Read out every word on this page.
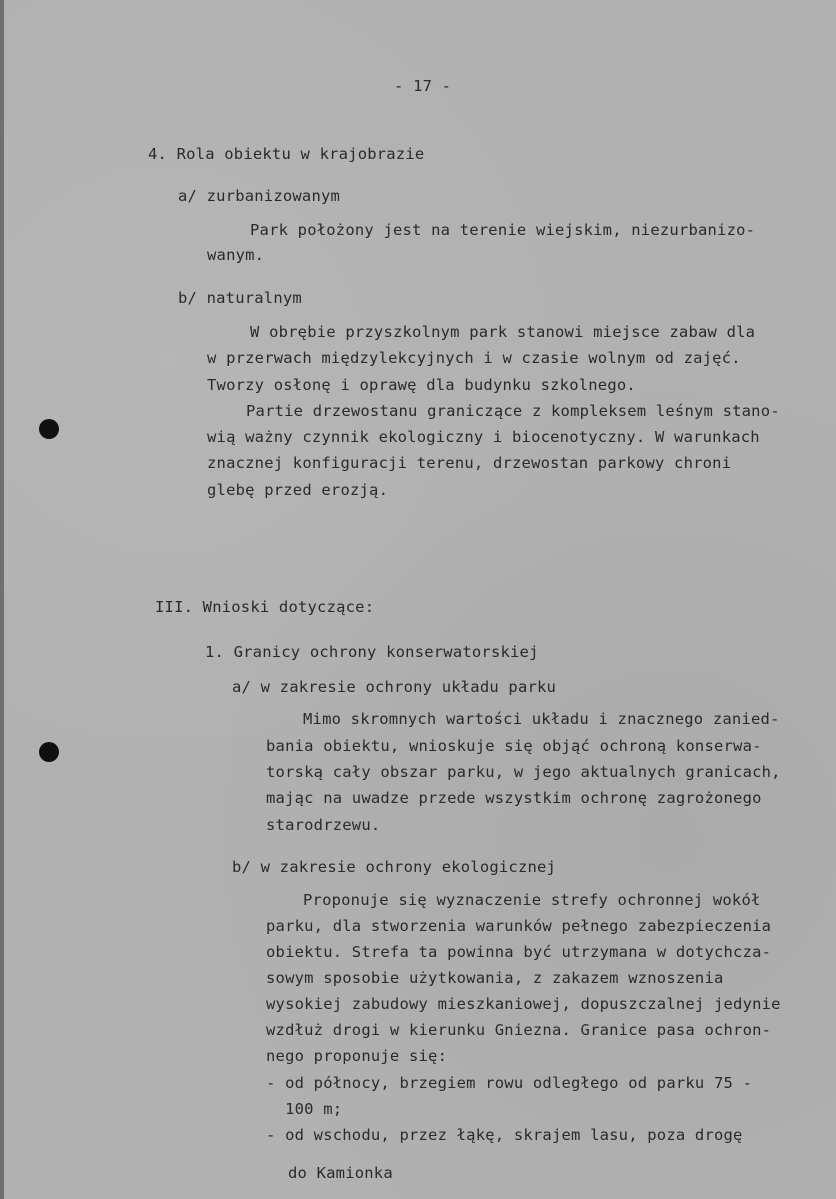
- 17 -
4. Rola obiektu w krajobrazie
a/ zurbanizowanym
Park położony jest na terenie wiejskim, niezurbanizo-
wanym.
b/ naturalnym
W obrębie przyszkolnym park stanowi miejsce zabaw dla
w przerwach międzylekcyjnych i w czasie wolnym od zajęć.
Tworzy osłonę i oprawę dla budynku szkolnego.
Partie drzewostanu graniczące z kompleksem leśnym stano-
wią ważny czynnik ekologiczny i biocenotyczny. W warunkach
znacznej konfiguracji terenu, drzewostan parkowy chroni
glebę przed erozją.
III. Wnioski dotyczące:
1. Granicy ochrony konserwatorskiej
a/ w zakresie ochrony układu parku
Mimo skromnych wartości układu i znacznego zanied-
bania obiektu, wnioskuje się objąć ochroną konserwa-
torską cały obszar parku, w jego aktualnych granicach,
mając na uwadze przede wszystkim ochronę zagrożonego
starodrzewu.
b/ w zakresie ochrony ekologicznej
Proponuje się wyznaczenie strefy ochronnej wokół
parku, dla stworzenia warunków pełnego zabezpieczenia
obiektu. Strefa ta powinna być utrzymana w dotychcza-
sowym sposobie użytkowania, z zakazem wznoszenia
wysokiej zabudowy mieszkaniowej, dopuszczalnej jedynie
wzdłuż drogi w kierunku Gniezna. Granice pasa ochron-
nego proponuje się:
- od północy, brzegiem rowu odległego od parku 75 -
100 m;
- od wschodu, przez łąkę, skrajem lasu, poza drogę
do Kamionka
